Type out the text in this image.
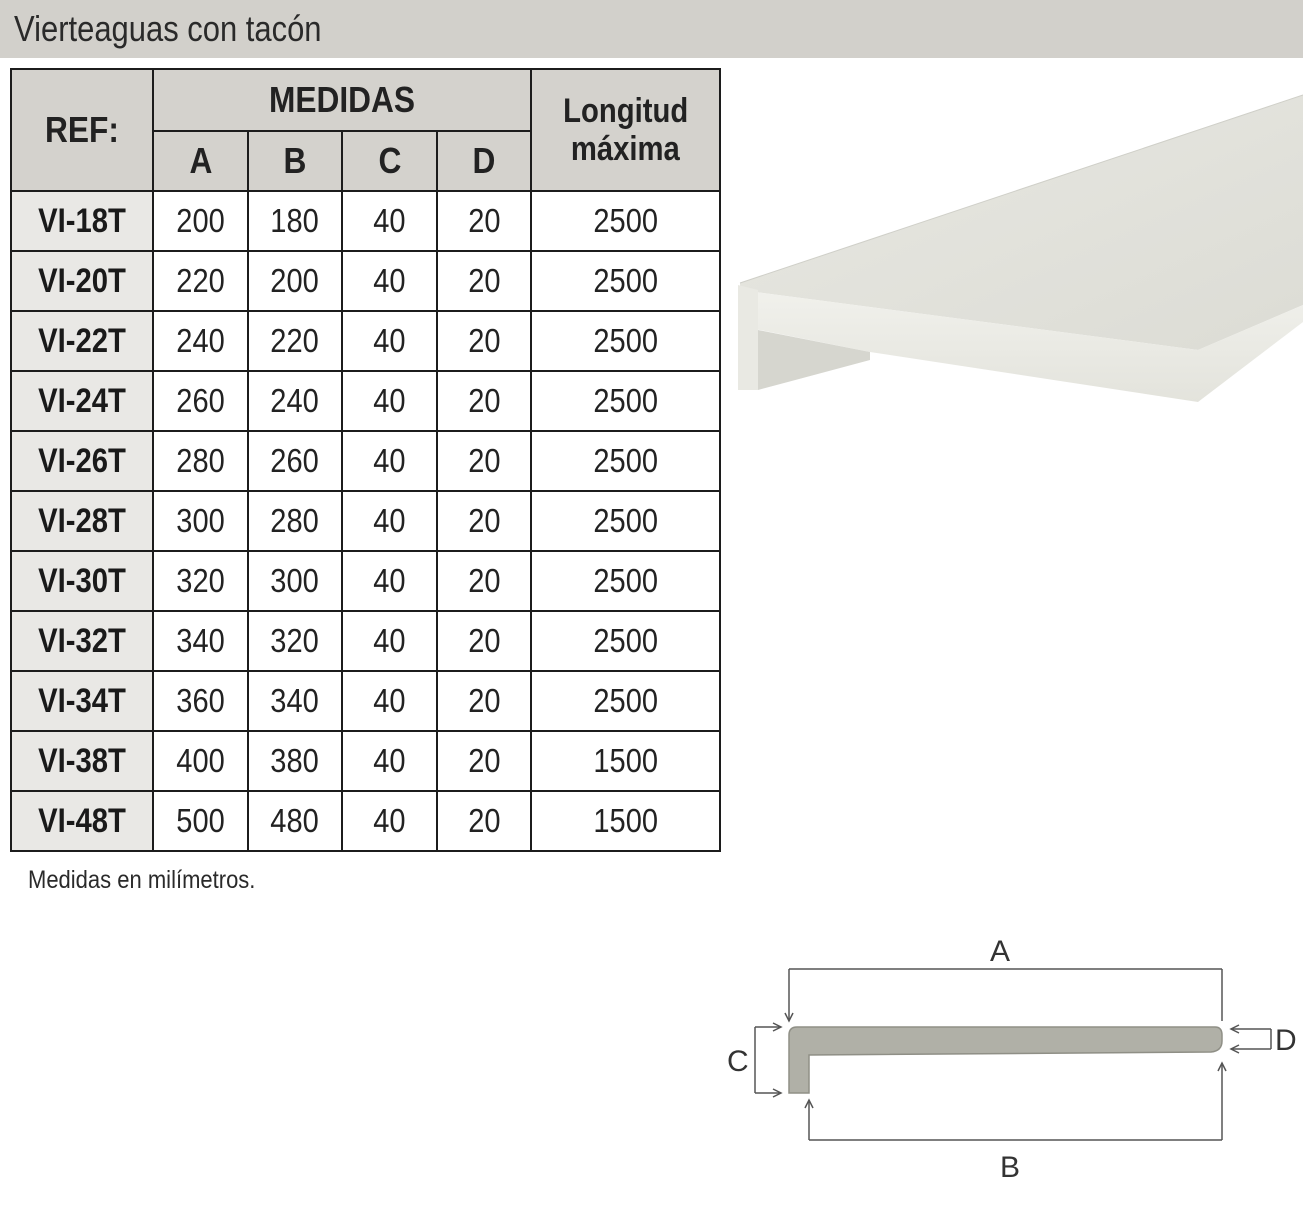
Vierteaguas con tacón
REF:	MEDIDAS				Longitud
máxima
	A	B	C	D	
VI-18T	200	180	40	20	2500
VI-20T	220	200	40	20	2500
VI-22T	240	220	40	20	2500
VI-24T	260	240	40	20	2500
VI-26T	280	260	40	20	2500
VI-28T	300	280	40	20	2500
VI-30T	320	300	40	20	2500
VI-32T	340	320	40	20	2500
VI-34T	360	340	40	20	2500
VI-38T	400	380	40	20	1500
VI-48T	500	480	40	20	1500
Medidas en milímetros.
A
B
C
D
